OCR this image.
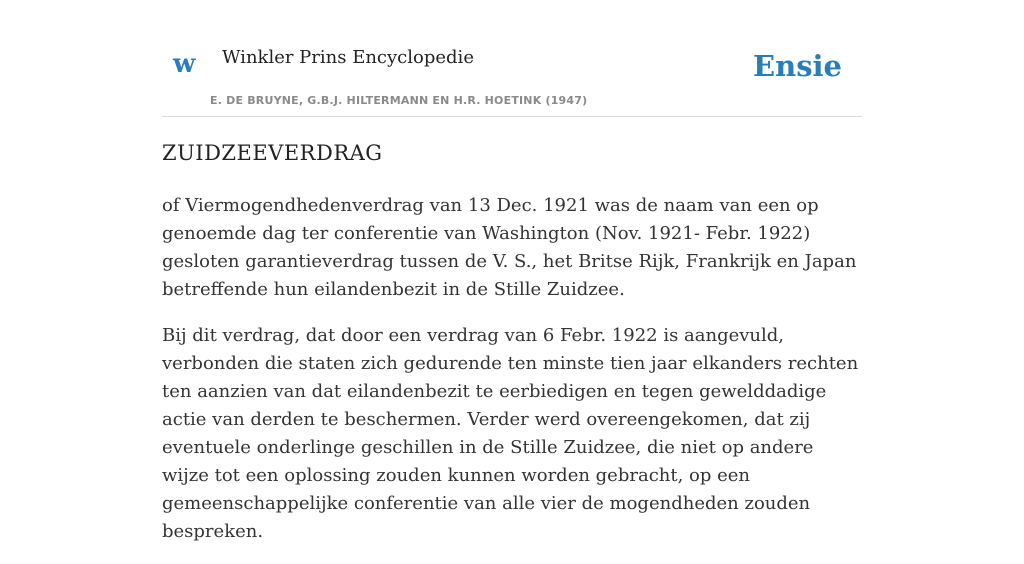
w Winkler Prins Encyclopedie
E. DE BRUYNE, G.B.J. HILTERMANN EN H.R. HOETINK (1947)
Ensie
ZUIDZEEVERDRAG

of Viermogendhedenverdrag van 13 Dec. 1921 was de naam van een op genoemde dag ter conferentie van Washington (Nov. 1921- Febr. 1922) gesloten garantieverdrag tussen de V. S., het Britse Rijk, Frankrijk en Japan betreffende hun eilandenbezit in de Stille Zuidzee.

Bij dit verdrag, dat door een verdrag van 6 Febr. 1922 is aangevuld, verbonden die staten zich gedurende ten minste tien jaar elkanders rechten ten aanzien van dat eilandenbezit te eerbiedigen en tegen gewelddadige actie van derden te beschermen. Verder werd overeengekomen, dat zij eventuele onderlinge geschillen in de Stille Zuidzee, die niet op andere wijze tot een oplossing zouden kunnen worden gebracht, op een gemeenschappelijke conferentie van alle vier de mogendheden zouden bespreken.
